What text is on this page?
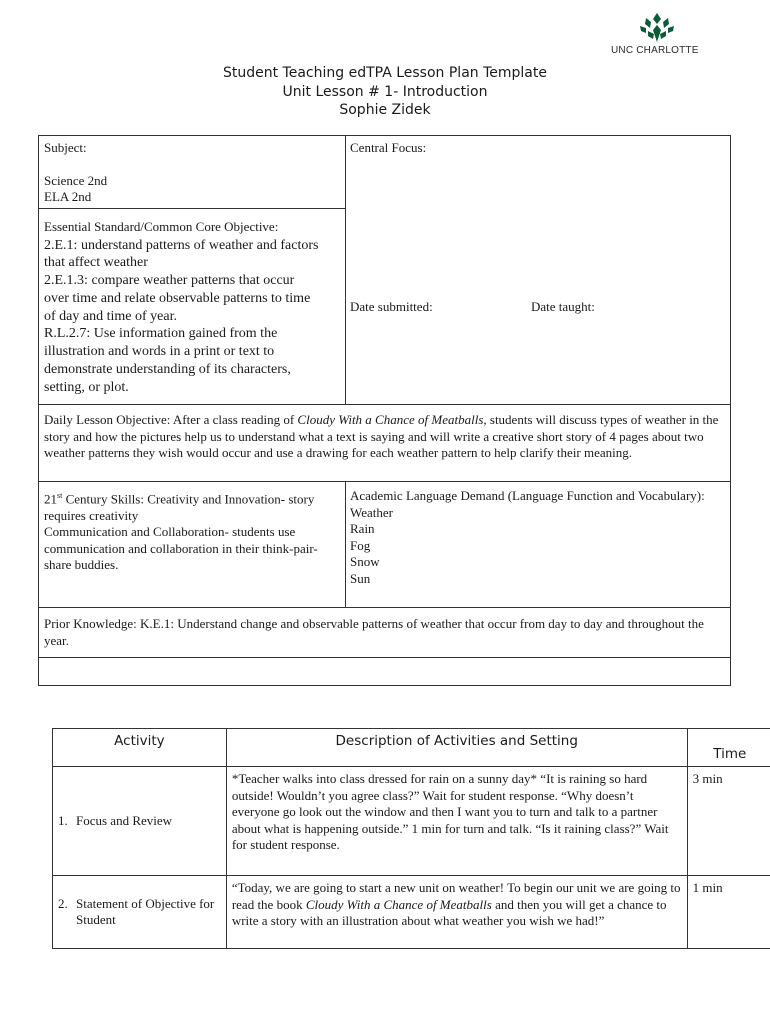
UNC CHARLOTTE
Student Teaching edTPA Lesson Plan Template
Unit Lesson # 1- Introduction
Sophie Zidek
Subject:
Science 2nd
ELA 2nd
Central Focus:
Essential Standard/Common Core Objective:
2.E.1: understand patterns of weather and factors
that affect weather
2.E.1.3: compare weather patterns that occur
over time and relate observable patterns to time
of day and time of year.
R.L.2.7: Use information gained from the
illustration and words in a print or text to
demonstrate understanding of its characters,
setting, or plot.
Date submitted:	Date taught:
Daily Lesson Objective: After a class reading of Cloudy With a Chance of Meatballs, students will discuss types of weather in the story and how the pictures help us to understand what a text is saying and will write a creative short story of 4 pages about two weather patterns they wish would occur and use a drawing for each weather pattern to help clarify their meaning.
21st Century Skills: Creativity and Innovation- story requires creativity
Communication and Collaboration- students use communication and collaboration in their think-pair-share buddies.
Academic Language Demand (Language Function and Vocabulary):
Weather
Rain
Fog
Snow
Sun
Prior Knowledge: K.E.1: Understand change and observable patterns of weather that occur from day to day and throughout the year.
Activity	Description of Activities and Setting	Time

1. Focus and Review	*Teacher walks into class dressed for rain on a sunny day* “It is raining so hard outside! Wouldn’t you agree class?” Wait for student response. “Why doesn’t everyone go look out the window and then I want you to turn and talk to a partner about what is happening outside.” 1 min for turn and talk. “Is it raining class?” Wait for student response.	3 min

2. Statement of Objective for Student	“Today, we are going to start a new unit on weather! To begin our unit we are going to read the book Cloudy With a Chance of Meatballs and then you will get a chance to write a story with an illustration about what weather you wish we had!”	1 min
